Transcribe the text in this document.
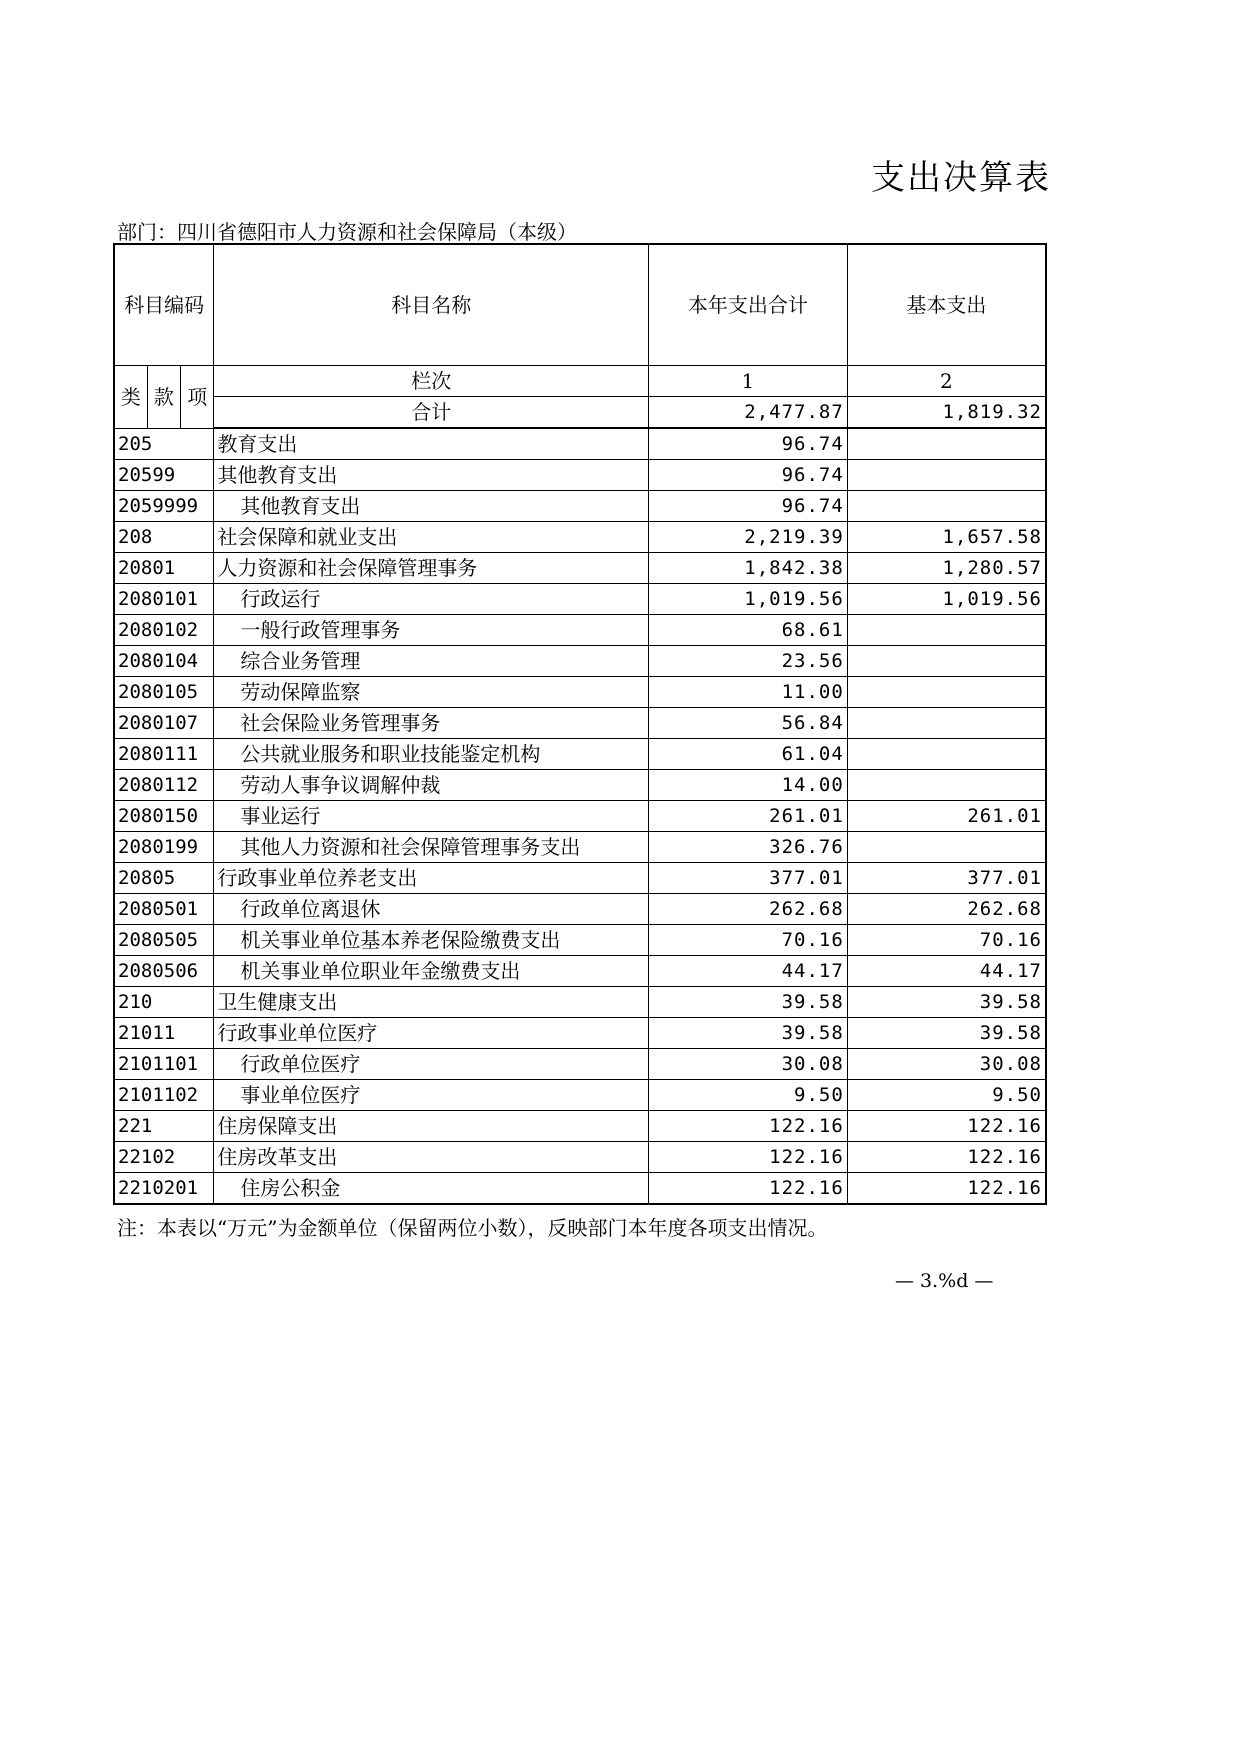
支出决算表
部门：四川省德阳市人力资源和社会保障局（本级）
科目编码			科目名称	本年支出合计	基本支出
类	款	项	栏次	1	2
			合计	2,477.87	1,819.32
205			教育支出	96.74	
20599			其他教育支出	96.74	
2059999			其他教育支出	96.74	
208			社会保障和就业支出	2,219.39	1,657.58
20801			人力资源和社会保障管理事务	1,842.38	1,280.57
2080101			行政运行	1,019.56	1,019.56
2080102			一般行政管理事务	68.61	
2080104			综合业务管理	23.56	
2080105			劳动保障监察	11.00	
2080107			社会保险业务管理事务	56.84	
2080111			公共就业服务和职业技能鉴定机构	61.04	
2080112			劳动人事争议调解仲裁	14.00	
2080150			事业运行	261.01	261.01
2080199			其他人力资源和社会保障管理事务支出	326.76	
20805			行政事业单位养老支出	377.01	377.01
2080501			行政单位离退休	262.68	262.68
2080505			机关事业单位基本养老保险缴费支出	70.16	70.16
2080506			机关事业单位职业年金缴费支出	44.17	44.17
210			卫生健康支出	39.58	39.58
21011			行政事业单位医疗	39.58	39.58
2101101			行政单位医疗	30.08	30.08
2101102			事业单位医疗	9.50	9.50
221			住房保障支出	122.16	122.16
22102			住房改革支出	122.16	122.16
2210201			住房公积金	122.16	122.16
注：本表以“万元”为金额单位（保留两位小数），反映部门本年度各项支出情况。
— 3.%d —
